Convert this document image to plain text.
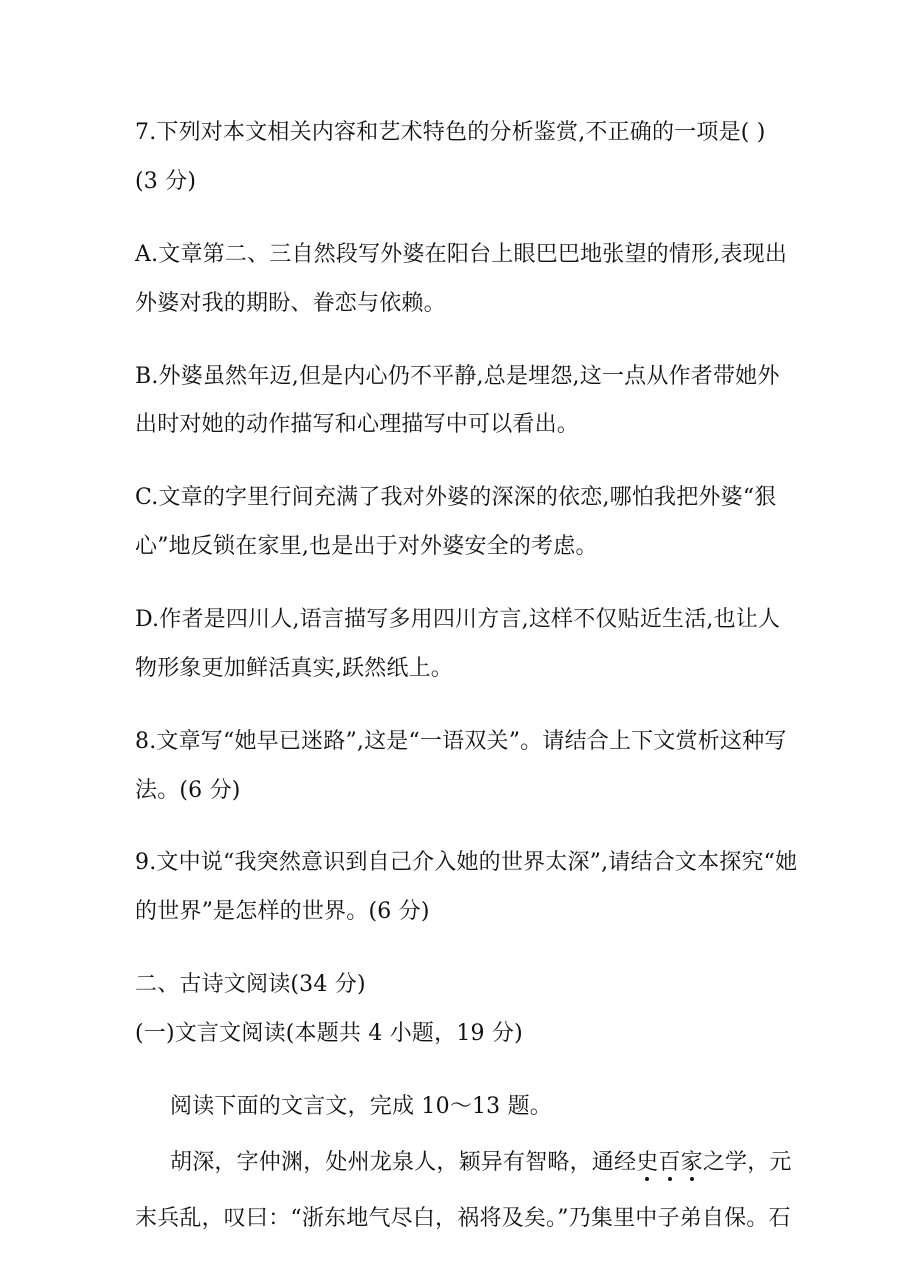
7.下列对本文相关内容和艺术特色的分析鉴赏,不正确的一项是( )
(3 分)
A.文章第二、三自然段写外婆在阳台上眼巴巴地张望的情形,表现出
外婆对我的期盼、眷恋与依赖。
B.外婆虽然年迈,但是内心仍不平静,总是埋怨,这一点从作者带她外
出时对她的动作描写和心理描写中可以看出。
C.文章的字里行间充满了我对外婆的深深的依恋,哪怕我把外婆“狠
心”地反锁在家里,也是出于对外婆安全的考虑。
D.作者是四川人,语言描写多用四川方言,这样不仅贴近生活,也让人
物形象更加鲜活真实,跃然纸上。
8.文章写“她早已迷路”,这是“一语双关”。请结合上下文赏析这种写
法。(6 分)
9.文中说“我突然意识到自己介入她的世界太深”,请结合文本探究“她
的世界”是怎样的世界。(6 分)
二、古诗文阅读(34 分)
(一)文言文阅读(本题共 4 小题，19 分)
阅读下面的文言文，完成 10～13 题。
胡深，字仲渊，处州龙泉人，颖异有智略，通经史百家之学，元
末兵乱，叹曰：“浙东地气尽白，祸将及矣。”乃集里中子弟自保。石
